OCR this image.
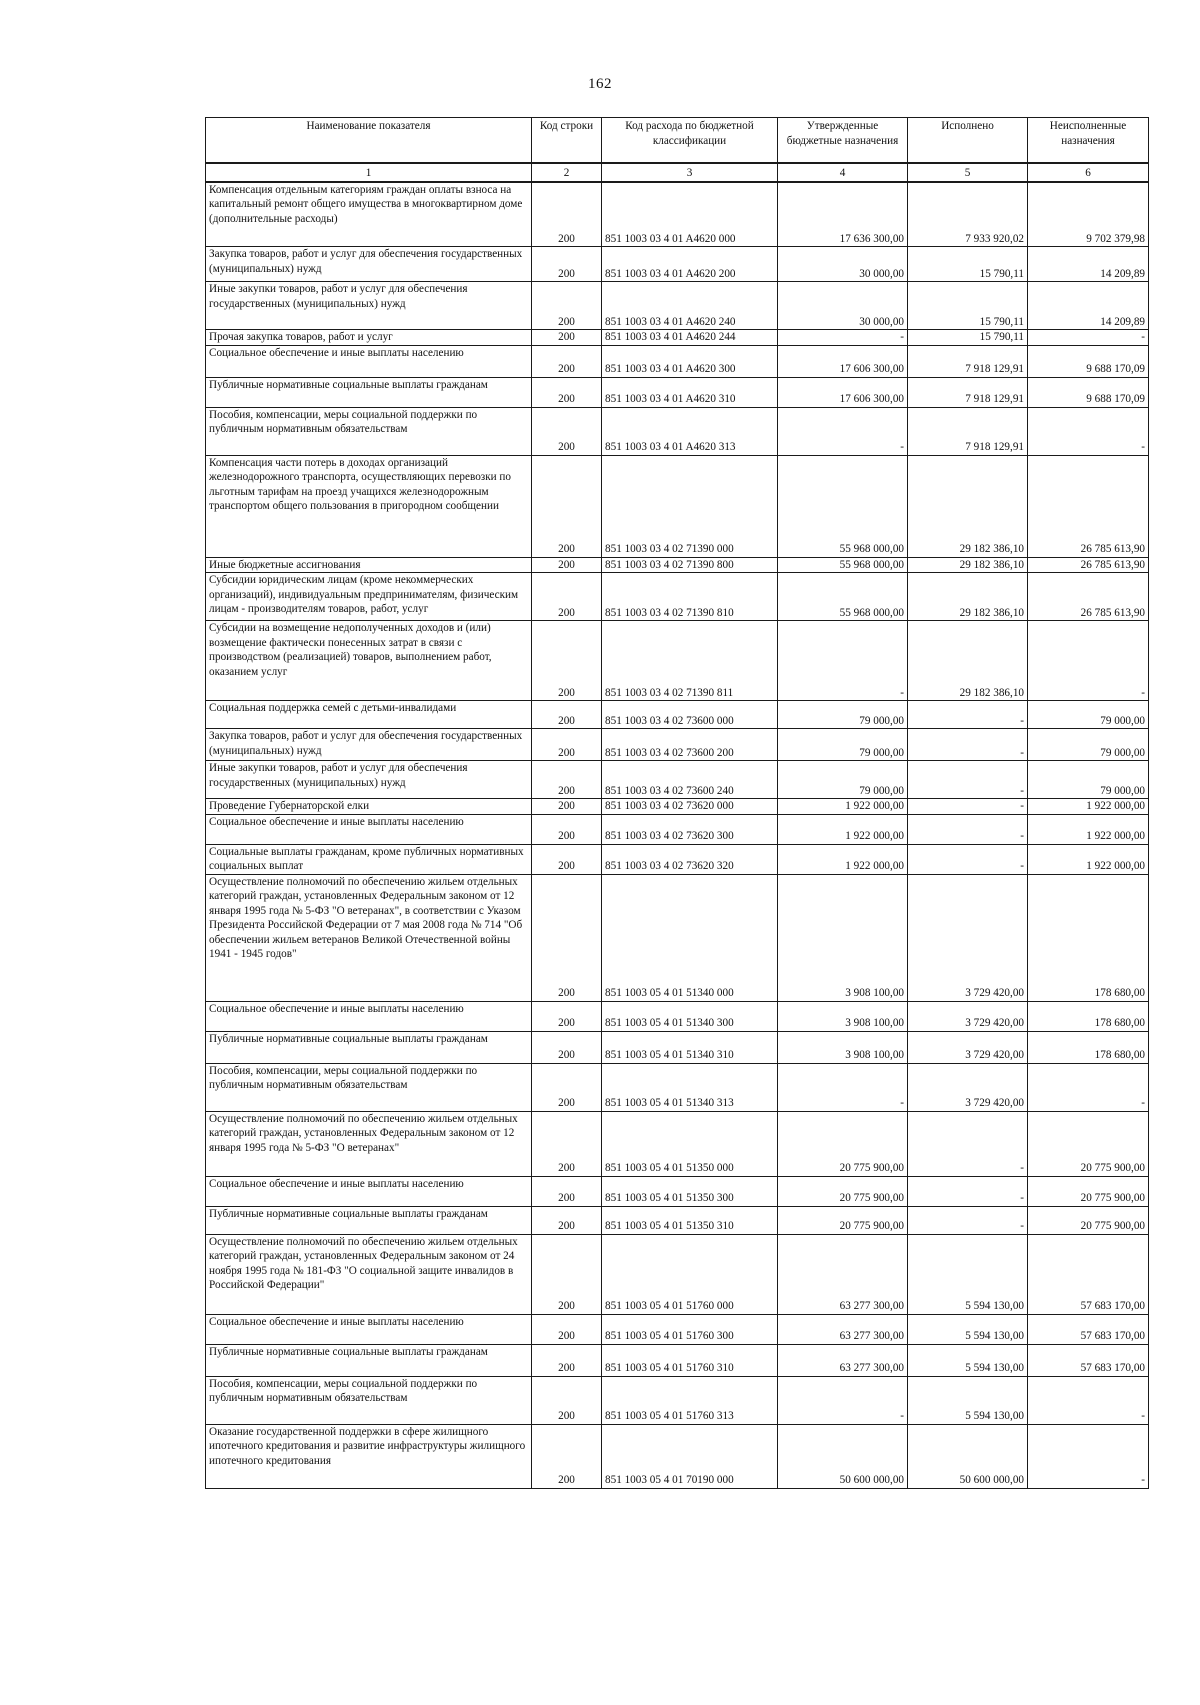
162
Наименование показателя	Код строки	Код расхода по бюджетной классификации	Утвержденные бюджетные назначения	Исполнено	Неисполненные назначения
1	2	3	4	5	6
Компенсация отдельным категориям граждан оплаты взноса на капитальный ремонт общего имущества в многоквартирном доме (дополнительные расходы)	200	851 1003 03 4 01 A4620 000	17 636 300,00	7 933 920,02	9 702 379,98
Закупка товаров, работ и услуг для обеспечения государственных (муниципальных) нужд	200	851 1003 03 4 01 A4620 200	30 000,00	15 790,11	14 209,89
Иные закупки товаров, работ и услуг для обеспечения государственных (муниципальных) нужд	200	851 1003 03 4 01 A4620 240	30 000,00	15 790,11	14 209,89
Прочая закупка товаров, работ и услуг	200	851 1003 03 4 01 A4620 244	-	15 790,11	-
Социальное обеспечение и иные выплаты населению	200	851 1003 03 4 01 A4620 300	17 606 300,00	7 918 129,91	9 688 170,09
Публичные нормативные социальные выплаты гражданам	200	851 1003 03 4 01 A4620 310	17 606 300,00	7 918 129,91	9 688 170,09
Пособия, компенсации, меры социальной поддержки по публичным нормативным обязательствам	200	851 1003 03 4 01 A4620 313	-	7 918 129,91	-
Компенсация части потерь в доходах организаций железнодорожного транспорта, осуществляющих перевозки по льготным тарифам на проезд учащихся железнодорожным транспортом общего пользования в пригородном сообщении	200	851 1003 03 4 02 71390 000	55 968 000,00	29 182 386,10	26 785 613,90
Иные бюджетные ассигнования	200	851 1003 03 4 02 71390 800	55 968 000,00	29 182 386,10	26 785 613,90
Субсидии юридическим лицам (кроме некоммерческих организаций), индивидуальным предпринимателям, физическим лицам - производителям товаров, работ, услуг	200	851 1003 03 4 02 71390 810	55 968 000,00	29 182 386,10	26 785 613,90
Субсидии на возмещение недополученных доходов и (или) возмещение фактически понесенных затрат в связи с производством (реализацией) товаров, выполнением работ, оказанием услуг	200	851 1003 03 4 02 71390 811	-	29 182 386,10	-
Социальная поддержка семей с детьми-инвалидами	200	851 1003 03 4 02 73600 000	79 000,00	-	79 000,00
Закупка товаров, работ и услуг для обеспечения государственных (муниципальных) нужд	200	851 1003 03 4 02 73600 200	79 000,00	-	79 000,00
Иные закупки товаров, работ и услуг для обеспечения государственных (муниципальных) нужд	200	851 1003 03 4 02 73600 240	79 000,00	-	79 000,00
Проведение Губернаторской елки	200	851 1003 03 4 02 73620 000	1 922 000,00	-	1 922 000,00
Социальное обеспечение и иные выплаты населению	200	851 1003 03 4 02 73620 300	1 922 000,00	-	1 922 000,00
Социальные выплаты гражданам, кроме публичных нормативных социальных выплат	200	851 1003 03 4 02 73620 320	1 922 000,00	-	1 922 000,00
Осуществление полномочий по обеспечению жильем отдельных категорий граждан, установленных Федеральным законом от 12 января 1995 года № 5-ФЗ "О ветеранах", в соответствии с Указом Президента Российской Федерации от 7 мая 2008 года № 714 "Об обеспечении жильем ветеранов Великой Отечественной войны 1941 - 1945 годов"	200	851 1003 05 4 01 51340 000	3 908 100,00	3 729 420,00	178 680,00
Социальное обеспечение и иные выплаты населению	200	851 1003 05 4 01 51340 300	3 908 100,00	3 729 420,00	178 680,00
Публичные нормативные социальные выплаты гражданам	200	851 1003 05 4 01 51340 310	3 908 100,00	3 729 420,00	178 680,00
Пособия, компенсации, меры социальной поддержки по публичным нормативным обязательствам	200	851 1003 05 4 01 51340 313	-	3 729 420,00	-
Осуществление полномочий по обеспечению жильем отдельных категорий граждан, установленных Федеральным законом от 12 января 1995 года № 5-ФЗ "О ветеранах"	200	851 1003 05 4 01 51350 000	20 775 900,00	-	20 775 900,00
Социальное обеспечение и иные выплаты населению	200	851 1003 05 4 01 51350 300	20 775 900,00	-	20 775 900,00
Публичные нормативные социальные выплаты гражданам	200	851 1003 05 4 01 51350 310	20 775 900,00	-	20 775 900,00
Осуществление полномочий по обеспечению жильем отдельных категорий граждан, установленных Федеральным законом от 24 ноября 1995 года № 181-ФЗ "О социальной защите инвалидов в Российской Федерации"	200	851 1003 05 4 01 51760 000	63 277 300,00	5 594 130,00	57 683 170,00
Социальное обеспечение и иные выплаты населению	200	851 1003 05 4 01 51760 300	63 277 300,00	5 594 130,00	57 683 170,00
Публичные нормативные социальные выплаты гражданам	200	851 1003 05 4 01 51760 310	63 277 300,00	5 594 130,00	57 683 170,00
Пособия, компенсации, меры социальной поддержки по публичным нормативным обязательствам	200	851 1003 05 4 01 51760 313	-	5 594 130,00	-
Оказание государственной поддержки в сфере жилищного ипотечного кредитования и развитие инфраструктуры жилищного ипотечного кредитования	200	851 1003 05 4 01 70190 000	50 600 000,00	50 600 000,00	-
